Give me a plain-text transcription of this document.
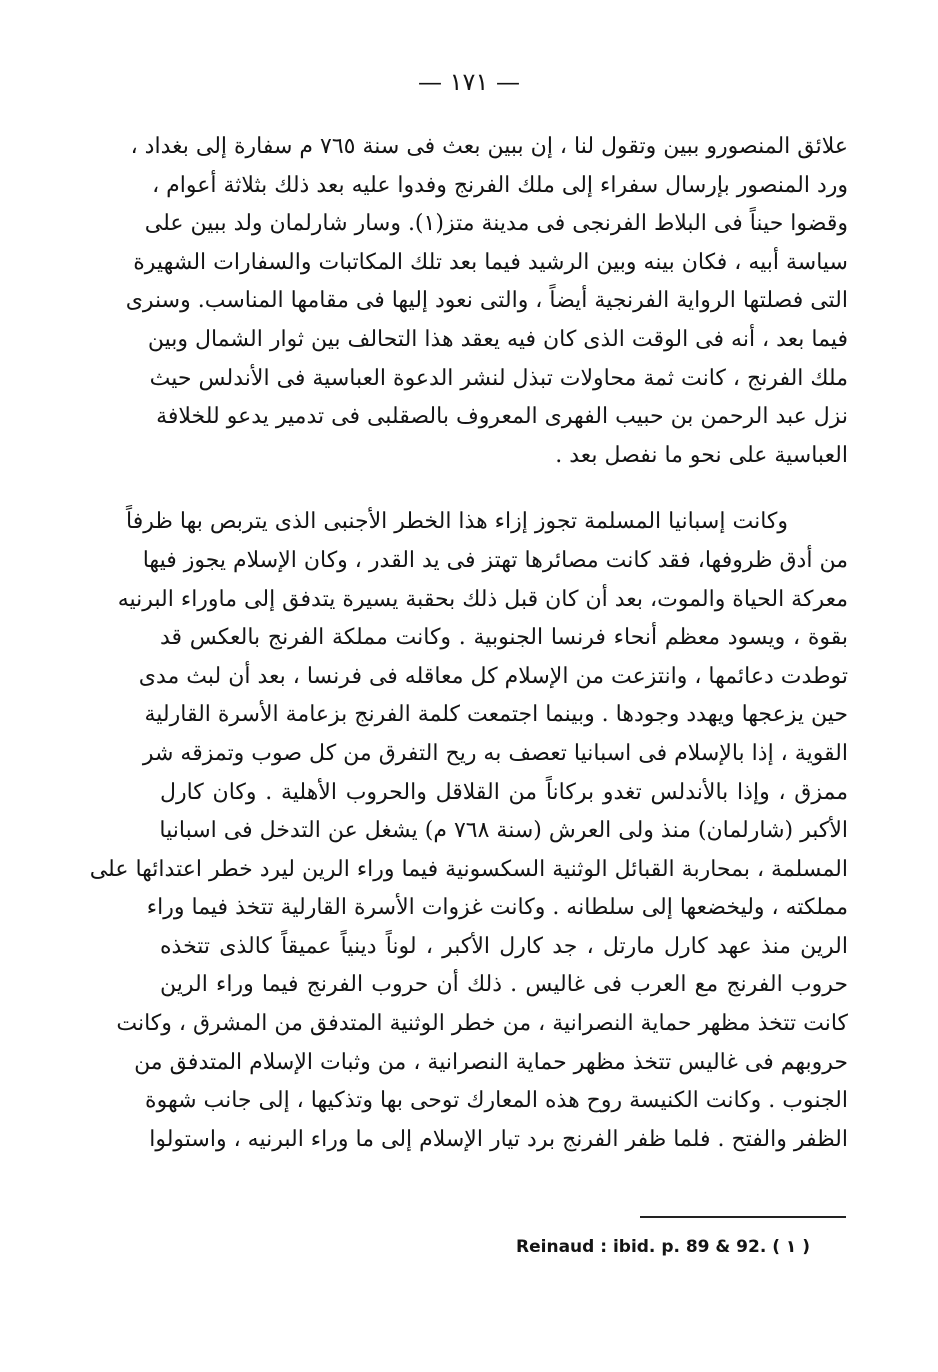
— ١٧١ —
علائق المنصورو ببين وتقول لنا ، إن ببين بعث فى سنة ٧٦٥ م سفارة إلى بغداد ،
ورد المنصور بإرسال سفراء إلى ملك الفرنج وفدوا عليه بعد ذلك بثلاثة أعوام ،
وقضوا حيناً فى البلاط الفرنجى فى مدينة متز(١). وسار شارلمان ولد ببين على
سياسة أبيه ، فكان بينه وبين الرشيد فيما بعد تلك المكاتبات والسفارات الشهيرة
التى فصلتها الرواية الفرنجية أيضاً ، والتى نعود إليها فى مقامها المناسب. وسنرى
فيما بعد ، أنه فى الوقت الذى كان فيه يعقد هذا التحالف بين ثوار الشمال وبين
ملك الفرنج ، كانت ثمة محاولات تبذل لنشر الدعوة العباسية فى الأندلس حيث
نزل عبد الرحمن بن حبيب الفهرى المعروف بالصقلبى فى تدمير يدعو للخلافة
العباسية على نحو ما نفصل بعد .
وكانت إسبانيا المسلمة تجوز إزاء هذا الخطر الأجنبى الذى يتربص بها ظرفاً
من أدق ظروفها، فقد كانت مصائرها تهتز فى يد القدر ، وكان الإسلام يجوز فيها
معركة الحياة والموت، بعد أن كان قبل ذلك بحقبة يسيرة يتدفق إلى ماوراء البرنيه
بقوة ، ويسود معظم أنحاء فرنسا الجنوبية . وكانت مملكة الفرنج بالعكس قد
توطدت دعائمها ، وانتزعت من الإسلام كل معاقله فى فرنسا ، بعد أن لبث مدى
حين يزعجها ويهدد وجودها . وبينما اجتمعت كلمة الفرنج بزعامة الأسرة القارلية
القوية ، إذا بالإسلام فى اسبانيا تعصف به ريح التفرق من كل صوب وتمزقه شر
ممزق ، وإذا بالأندلس تغدو بركاناً من القلاقل والحروب الأهلية . وكان كارل
الأكبر (شارلمان) منذ ولى العرش (سنة ٧٦٨ م) يشغل عن التدخل فى اسبانيا
المسلمة ، بمحاربة القبائل الوثنية السكسونية فيما وراء الرين ليرد خطر اعتدائها على
مملكته ، وليخضعها إلى سلطانه . وكانت غزوات الأسرة القارلية تتخذ فيما وراء
الرين منذ عهد كارل مارتل ، جد كارل الأكبر ، لوناً دينياً عميقاً كالذى تتخذه
حروب الفرنج مع العرب فى غاليس . ذلك أن حروب الفرنج فيما وراء الرين
كانت تتخذ مظهر حماية النصرانية ، من خطر الوثنية المتدفق من المشرق ، وكانت
حروبهم فى غاليس تتخذ مظهر حماية النصرانية ، من وثبات الإسلام المتدفق من
الجنوب . وكانت الكنيسة روح هذه المعارك توحى بها وتذكيها ، إلى جانب شهوة
الظفر والفتح . فلما ظفر الفرنج برد تيار الإسلام إلى ما وراء البرنيه ، واستولوا
Reinaud : ibid. p. 89 & 92. ( ١ )
